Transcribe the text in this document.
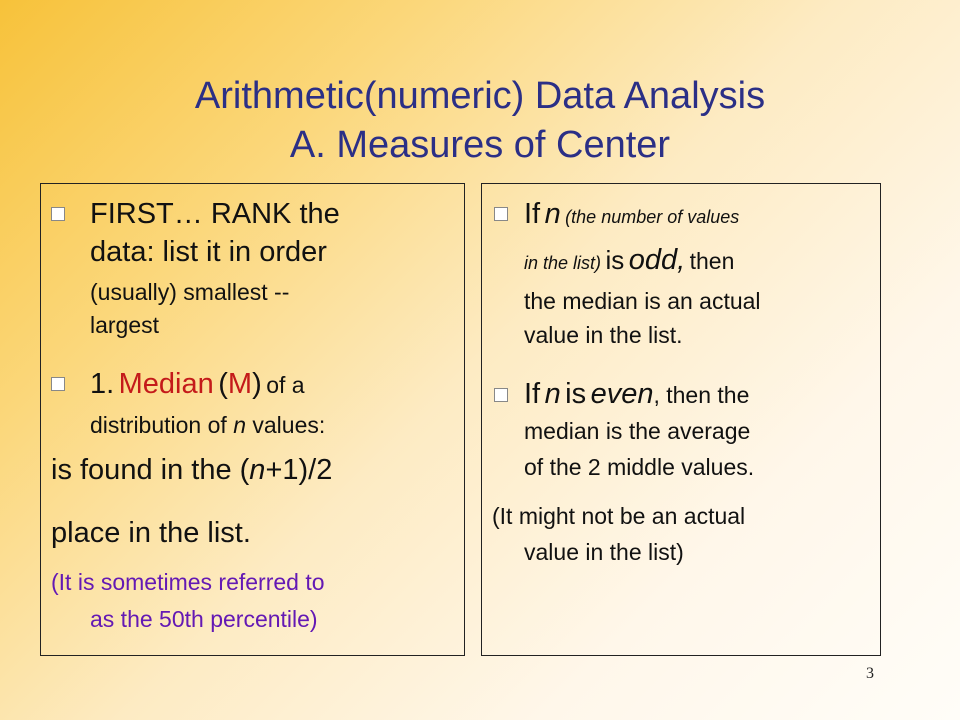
Arithmetic(numeric) Data Analysis
A. Measures of Center
FIRST… RANK the
data: list it in order
(usually) smallest --
largest
1. Median (M) of a
distribution of n values:
is found in the (n+1)/2
place in the list.
(It is sometimes referred to
as the 50th percentile)
If n (the number of values
in the list) is odd, then
the median is an actual
value in the list.
If n is even, then the
median is the average
of the 2 middle values.
(It might not be an actual
value in the list)
3
